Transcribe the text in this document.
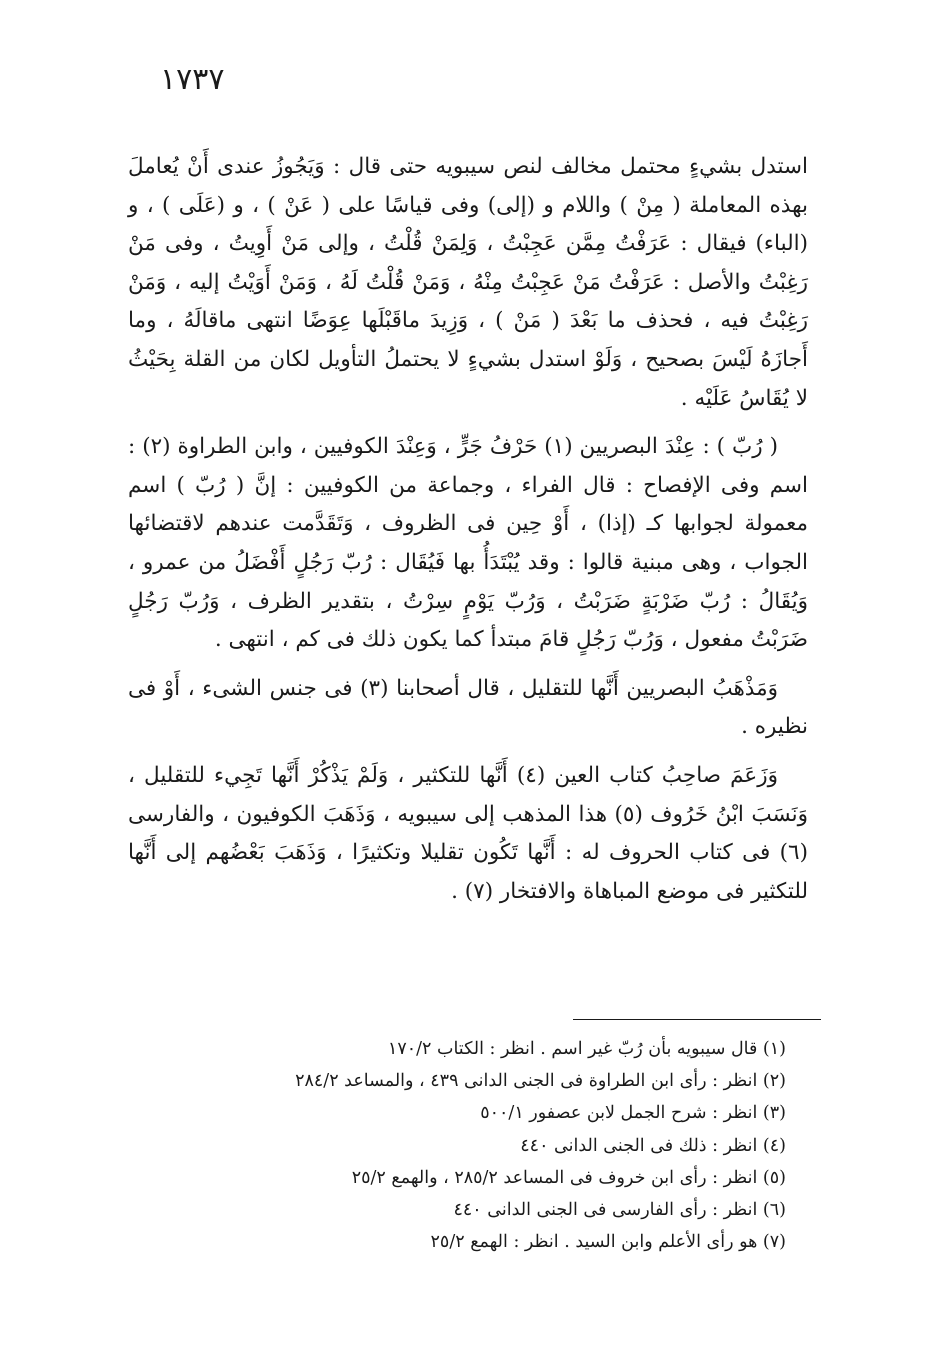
١٧٣٧

استدل بشيءٍ محتمل مخالف لنص سيبويه حتى قال : وَيَجُوزُ عندى أَنْ يُعاملَ بهذه المعاملة ( مِنْ ) واللام و (إلى) وفى قياسًا على ( عَنْ ) ، و (عَلَى ) ، و (الباء) فيقال : عَرَفْتُ مِمَّن عَجِبْتُ ، وَلِمَنْ قُلْتُ ، وإلى مَنْ أَوِيتُ ، وفى مَنْ رَغِبْتُ والأصل : عَرَفْتُ مَنْ عَجِبْتُ مِنْهُ ، وَمَنْ قُلْتُ لَهُ ، وَمَنْ أَوَيْتُ إليه ، وَمَنْ رَغِبْتُ فيه ، فحذف ما بَعْدَ ( مَنْ ) ، وَزِيدَ ماقَبْلَها عِوَضًا انتهى ماقالَهُ ، وما أَجازَهُ لَيْسَ بصحيح ، وَلَوْ استدل بشيءٍ لا يحتملُ التأويل لكان من القلة بِحَيْثُ لا يُقَاسُ عَلَيْه .

( رُبّ ) : عِنْدَ البصريين (١) حَرْفُ جَرٍّ ، وَعِنْدَ الكوفيين ، وابن الطراوة (٢) : اسم وفى الإفصاح : قال الفراء ، وجماعة من الكوفيين : إنَّ ( رُبّ ) اسم معمولة لجوابها كـ (إذا) ، أَوْ حِين فى الظروف ، وَتَقَدَّمت عندهم لاقتضائها الجواب ، وهى مبنية قالوا : وقد يُبْتَدَأُ بها فَيُقَال : رُبّ رَجُلٍ أَفْضَلُ من عمرو ، وَيُقَالُ : رُبّ ضَرْبَةٍ ضَرَبْتُ ، وَرُبّ يَوْمٍ سِرْتُ ، بتقدير الظرف ، وَرُبّ رَجُلٍ ضَرَبْتُ مفعول ، وَرُبّ رَجُلٍ قامَ مبتدأ كما يكون ذلك فى كم ، انتهى .

وَمَذْهَبُ البصريين أَنَّها للتقليل ، قال أصحابنا (٣) فى جنس الشىء ، أَوْ فى نظيره .

وَزَعَمَ صاحِبُ كتاب العين (٤) أَنَّها للتكثير ، وَلَمْ يَذْكُرْ أَنَّها تَجِيء للتقليل ، وَنَسَبَ ابْنُ خَرُوف (٥) هذا المذهب إلى سيبويه ، وَذَهَبَ الكوفيون ، والفارسى (٦) فى كتاب الحروف له : أَنَّها تَكُون تقليلا وتكثيرًا ، وَذَهَبَ بَعْضُهم إلى أَنَّها للتكثير فى موضع المباهاة والافتخار (٧) .

(١) قال سيبويه بأن رُبّ غير اسم . انظر : الكتاب ١٧٠/٢
(٢) انظر : رأى ابن الطراوة فى الجنى الدانى ٤٣٩ ، والمساعد ٢٨٤/٢
(٣) انظر : شرح الجمل لابن عصفور ٥٠٠/١
(٤) انظر : ذلك فى الجنى الدانى ٤٤٠
(٥) انظر : رأى ابن خروف فى المساعد ٢٨٥/٢ ، والهمع ٢٥/٢
(٦) انظر : رأى الفارسى فى الجنى الدانى ٤٤٠
(٧) هو رأى الأعلم وابن السيد . انظر : الهمع ٢٥/٢
